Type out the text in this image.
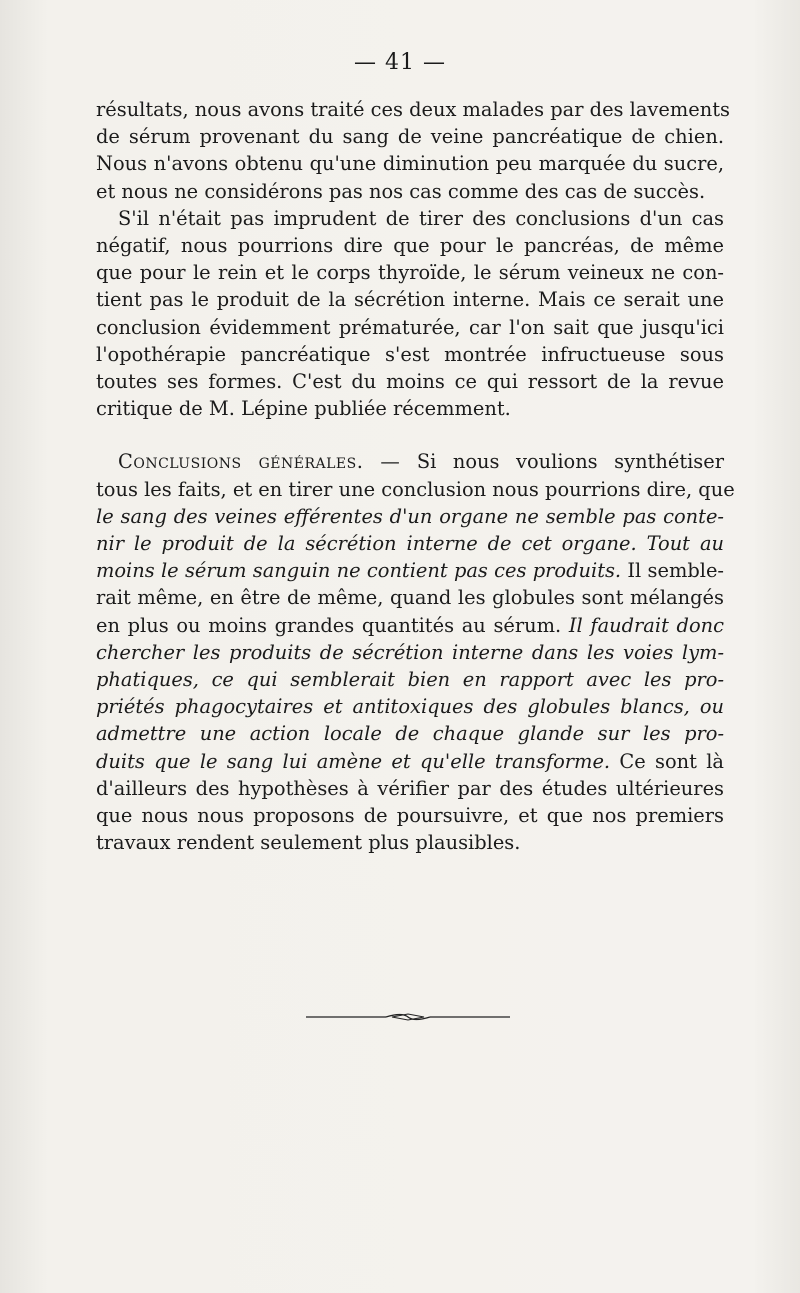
— 41 —
résultats, nous avons traité ces deux malades par des lavements
de sérum provenant du sang de veine pancréatique de chien.
Nous n'avons obtenu qu'une diminution peu marquée du sucre,
et nous ne considérons pas nos cas comme des cas de succès.
S'il n'était pas imprudent de tirer des conclusions d'un cas
négatif, nous pourrions dire que pour le pancréas, de même
que pour le rein et le corps thyroïde, le sérum veineux ne con-
tient pas le produit de la sécrétion interne. Mais ce serait une
conclusion évidemment prématurée, car l'on sait que jusqu'ici
l'opothérapie pancréatique s'est montrée infructueuse sous
toutes ses formes. C'est du moins ce qui ressort de la revue
critique de M. Lépine publiée récemment.
Conclusions générales. — Si nous voulions synthétiser
tous les faits, et en tirer une conclusion nous pourrions dire, que
le sang des veines efférentes d'un organe ne semble pas conte-
nir le produit de la sécrétion interne de cet organe. Tout au
moins le sérum sanguin ne contient pas ces produits. Il semble-
rait même, en être de même, quand les globules sont mélangés
en plus ou moins grandes quantités au sérum. Il faudrait donc
chercher les produits de sécrétion interne dans les voies lym-
phatiques, ce qui semblerait bien en rapport avec les pro-
priétés phagocytaires et antitoxiques des globules blancs, ou
admettre une action locale de chaque glande sur les pro-
duits que le sang lui amène et qu'elle transforme. Ce sont là
d'ailleurs des hypothèses à vérifier par des études ultérieures
que nous nous proposons de poursuivre, et que nos premiers
travaux rendent seulement plus plausibles.
